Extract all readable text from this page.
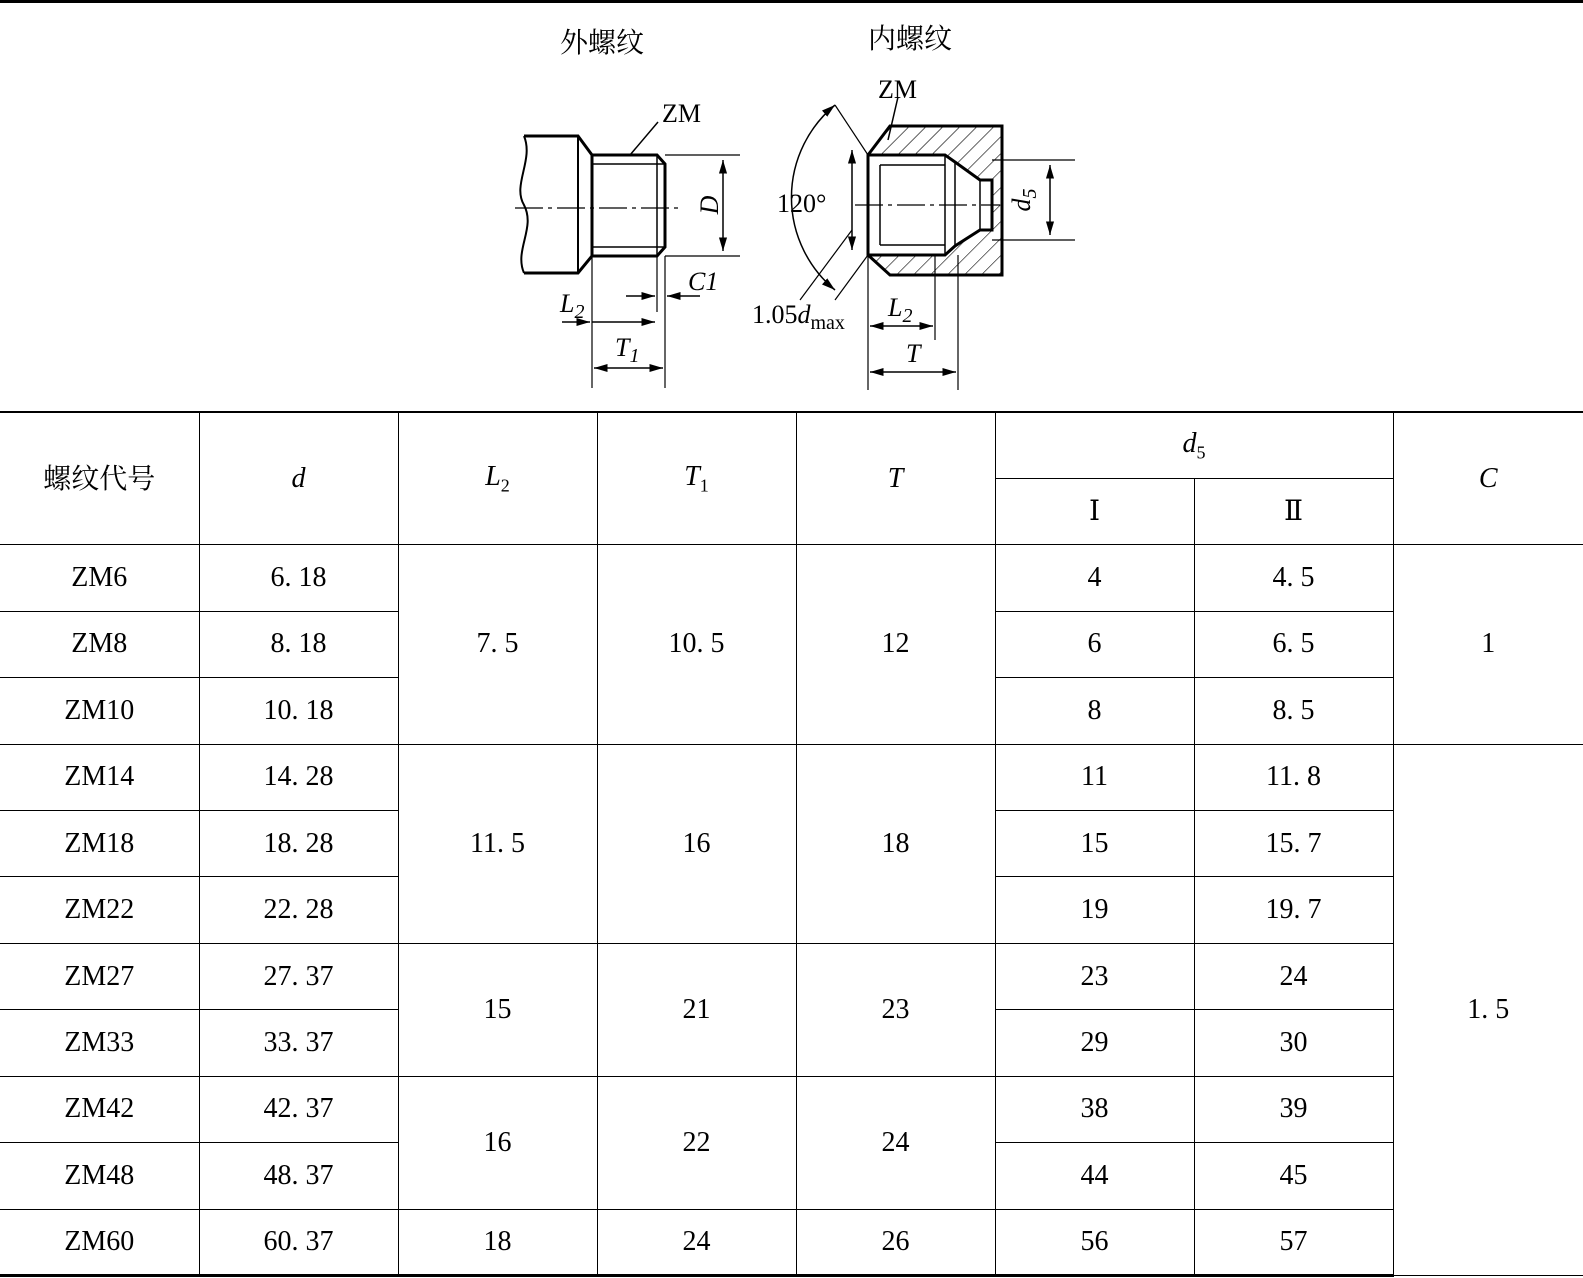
外螺纹	内螺纹
ZM
D
C1
$L_2$
$T_1$
ZM
120°	$d_5$
$1.05d_{max}$
$L_2$
T
螺纹代号	d	$L_2$	$T_1$	T	$d_5$		C
					Ⅰ	Ⅱ	
ZM6	6. 18	7. 5	10. 5	12	4	4. 5	1
ZM8	8. 18				6	6. 5	
ZM10	10. 18				8	8. 5	
ZM14	14. 28	11. 5	16	18	11	11. 8	1. 5
ZM18	18. 28				15	15. 7	
ZM22	22. 28				19	19. 7	
ZM27	27. 37	15	21	23	23	24	
ZM33	33. 37				29	30	
ZM42	42. 37	16	22	24	38	39	
ZM48	48. 37				44	45	
ZM60	60. 37	18	24	26	56	57	
